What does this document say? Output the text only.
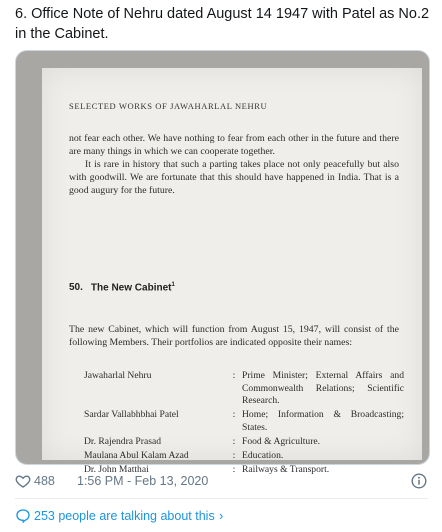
6. Office Note of Nehru dated August 14 1947 with Patel as No.2 in the Cabinet.
SELECTED WORKS OF JAWAHARLAL NEHRU
not fear each other. We have nothing to fear from each other in the future and there are many things in which we can cooperate together.
It is rare in history that such a parting takes place not only peacefully but also with goodwill. We are fortunate that this should have happened in India. That is a good augury for the future.
50. The New Cabinet$^1$
The new Cabinet, which will function from August 15, 1947, will consist of the following Members. Their portfolios are indicated opposite their names:
Jawaharlal Nehru	:	Prime Minister; External Affairs and Commonwealth Relations; Scientific Research.
Sardar Vallabhbhai Patel	:	Home; Information & Broadcasting; States.
Dr. Rajendra Prasad	:	Food & Agriculture.
Maulana Abul Kalam Azad	:	Education.
Dr. John Matthai	:	Railways & Transport.
488 1:56 PM - Feb 13, 2020
253 people are talking about this ›
